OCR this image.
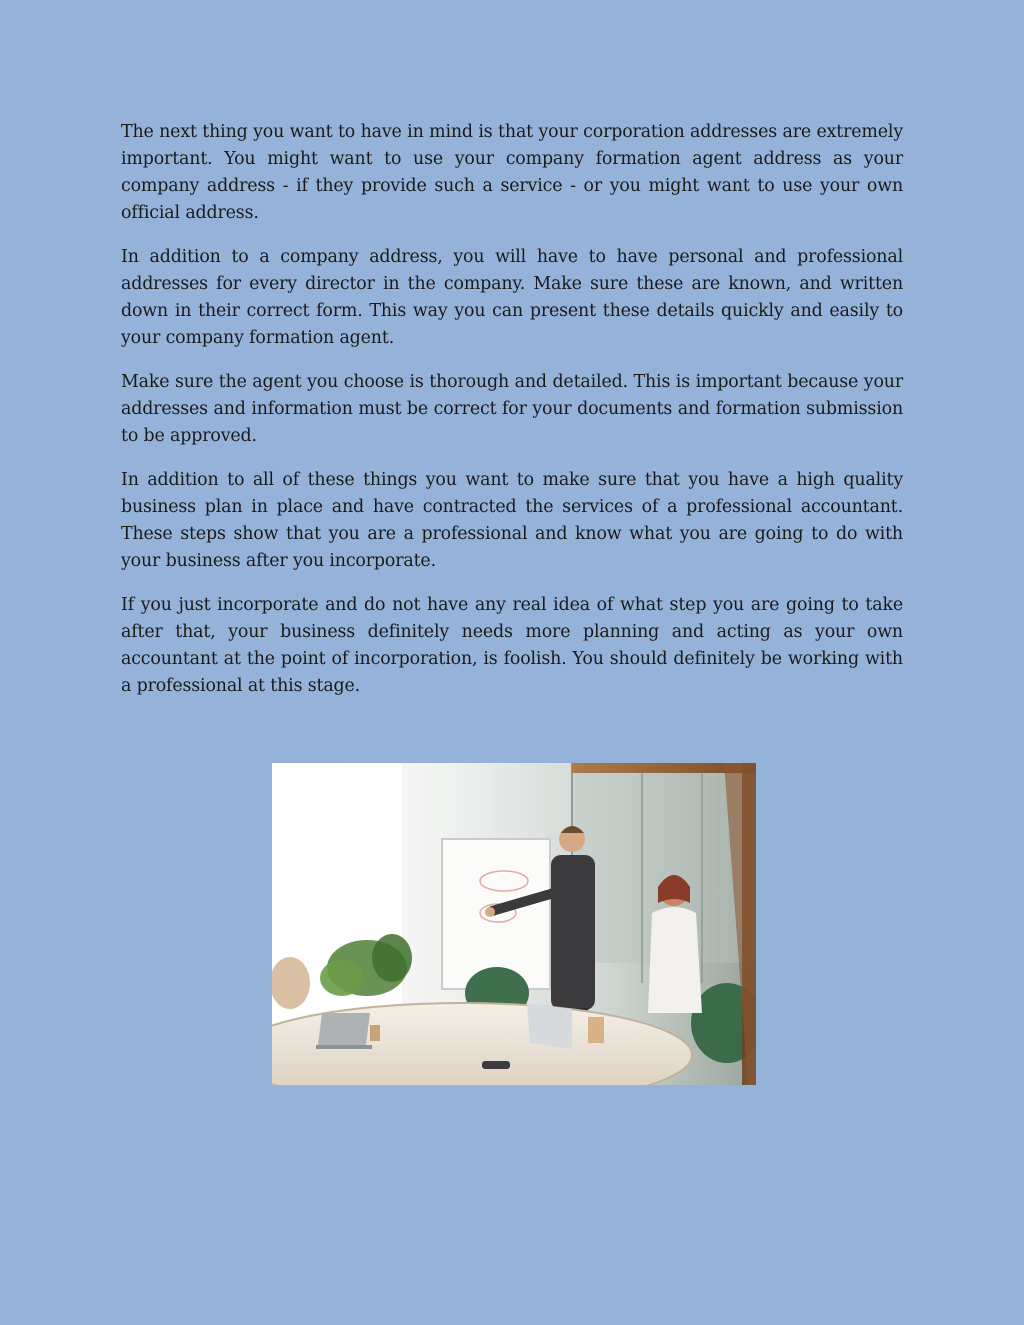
The next thing you want to have in mind is that your corporation addresses are extremely important. You might want to use your company formation agent address as your company address - if they provide such a service - or you might want to use your own official address.

In addition to a company address, you will have to have personal and professional addresses for every director in the company. Make sure these are known, and written down in their correct form. This way you can present these details quickly and easily to your company formation agent.

Make sure the agent you choose is thorough and detailed. This is important because your addresses and information must be correct for your documents and formation submission to be approved.

In addition to all of these things you want to make sure that you have a high quality business plan in place and have contracted the services of a professional accountant. These steps show that you are a professional and know what you are going to do with your business after you incorporate.

If you just incorporate and do not have any real idea of what step you are going to take after that, your business definitely needs more planning and acting as your own accountant at the point of incorporation, is foolish. You should definitely be working with a professional at this stage.
